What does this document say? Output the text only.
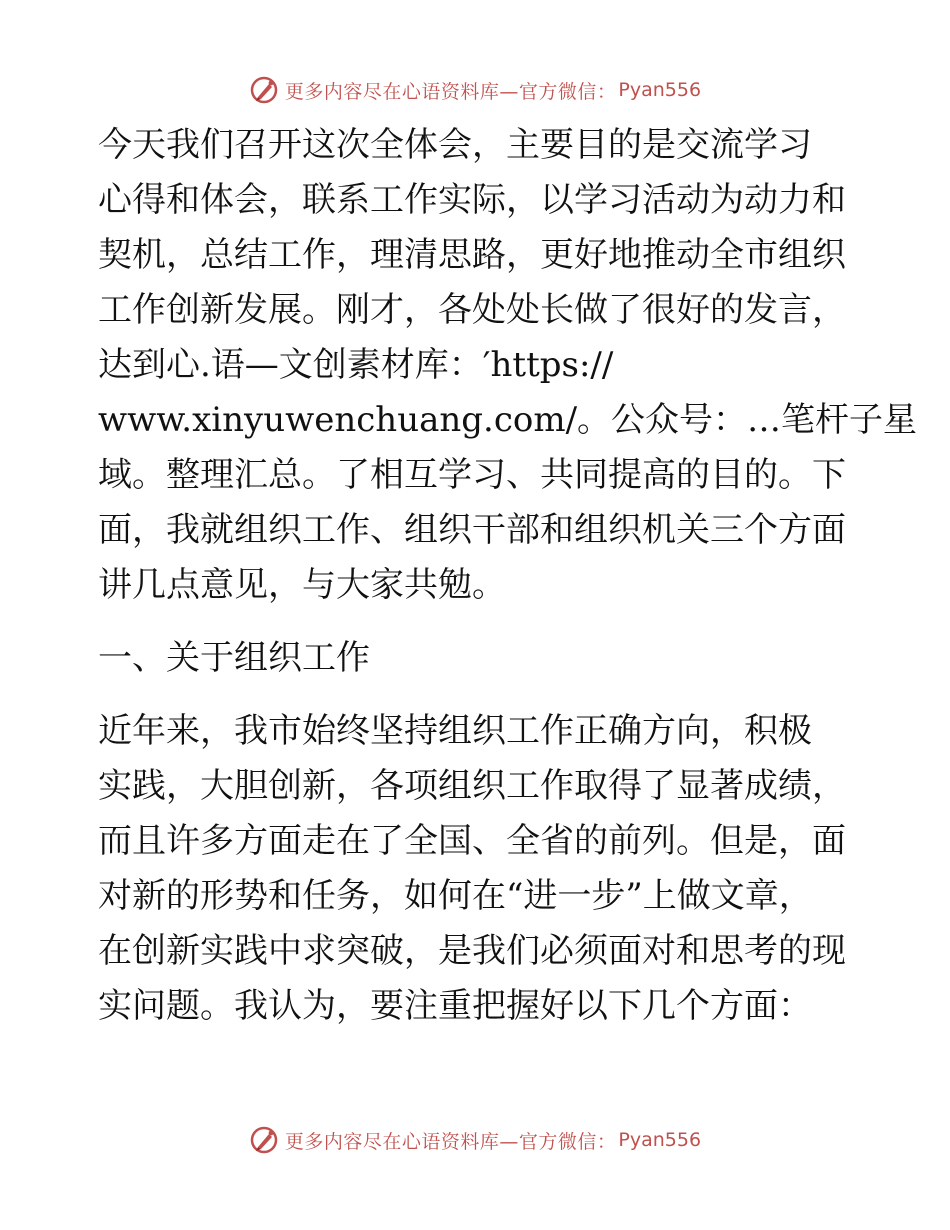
更多内容尽在心语资料库—官方微信： Pyan556

今天我们召开这次全体会，主要目的是交流学习
心得和体会，联系工作实际，以学习活动为动力和
契机，总结工作，理清思路，更好地推动全市组织
工作创新发展。刚才，各处处长做了很好的发言，
达到心.语—文创素材库：′https://
www.xinyuwenchuang.com/。公众号：…笔杆子星
域。整理汇总。了相互学习、共同提高的目的。下
面，我就组织工作、组织干部和组织机关三个方面
讲几点意见，与大家共勉。

一、关于组织工作

近年来，我市始终坚持组织工作正确方向，积极
实践，大胆创新，各项组织工作取得了显著成绩，
而且许多方面走在了全国、全省的前列。但是，面
对新的形势和任务，如何在“进一步”上做文章，
在创新实践中求突破，是我们必须面对和思考的现
实问题。我认为，要注重把握好以下几个方面：

更多内容尽在心语资料库—官方微信： Pyan556
